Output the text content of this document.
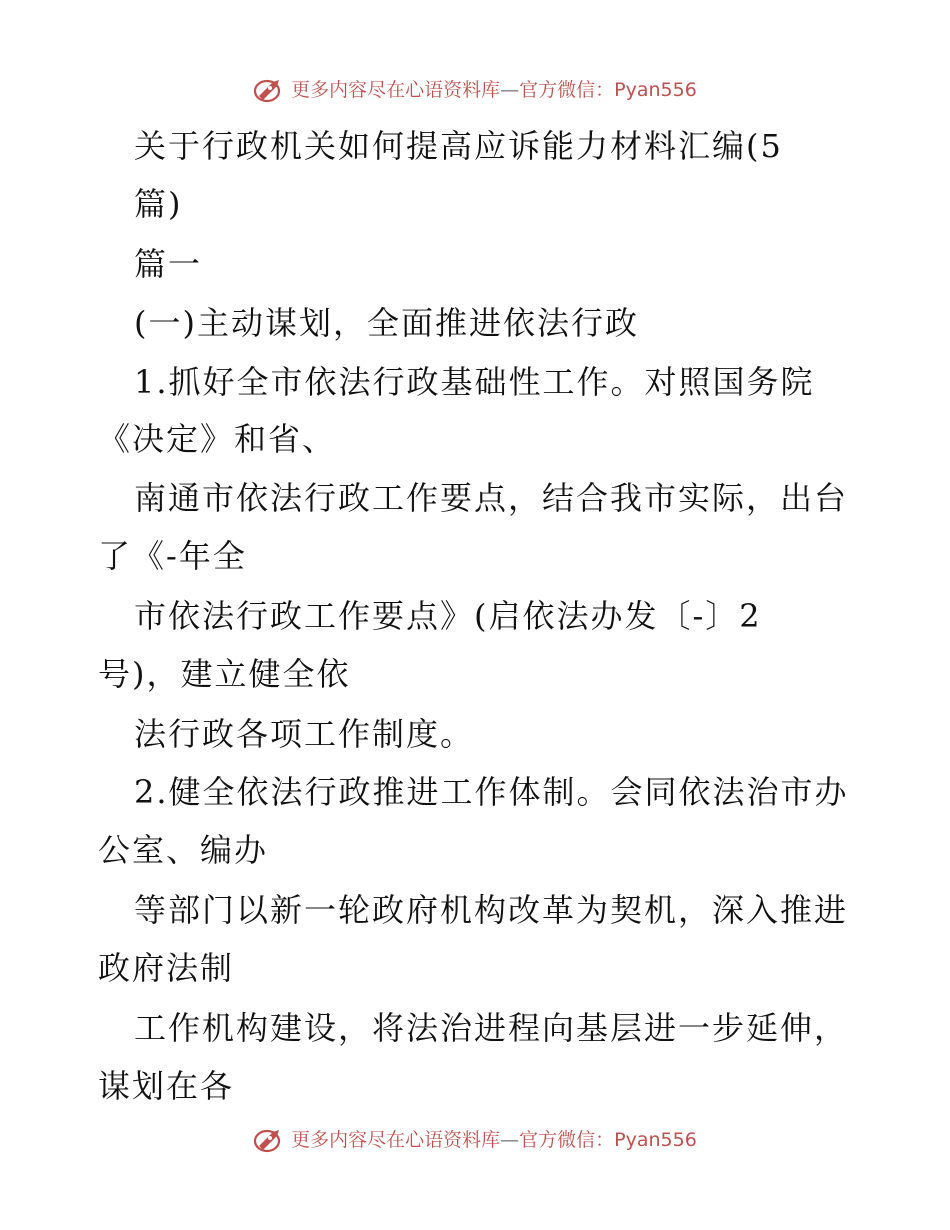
更多内容尽在心语资料库—官方微信：Pyan556
关于行政机关如何提高应诉能力材料汇编(5
篇)
篇一
(一)主动谋划，全面推进依法行政
1.抓好全市依法行政基础性工作。对照国务院
《决定》和省、
南通市依法行政工作要点，结合我市实际，出台
了《-年全
市依法行政工作要点》(启依法办发〔-〕2
号)，建立健全依
法行政各项工作制度。
2.健全依法行政推进工作体制。会同依法治市办
公室、编办
等部门以新一轮政府机构改革为契机，深入推进
政府法制
工作机构建设，将法治进程向基层进一步延伸，
谋划在各
更多内容尽在心语资料库—官方微信：Pyan556
